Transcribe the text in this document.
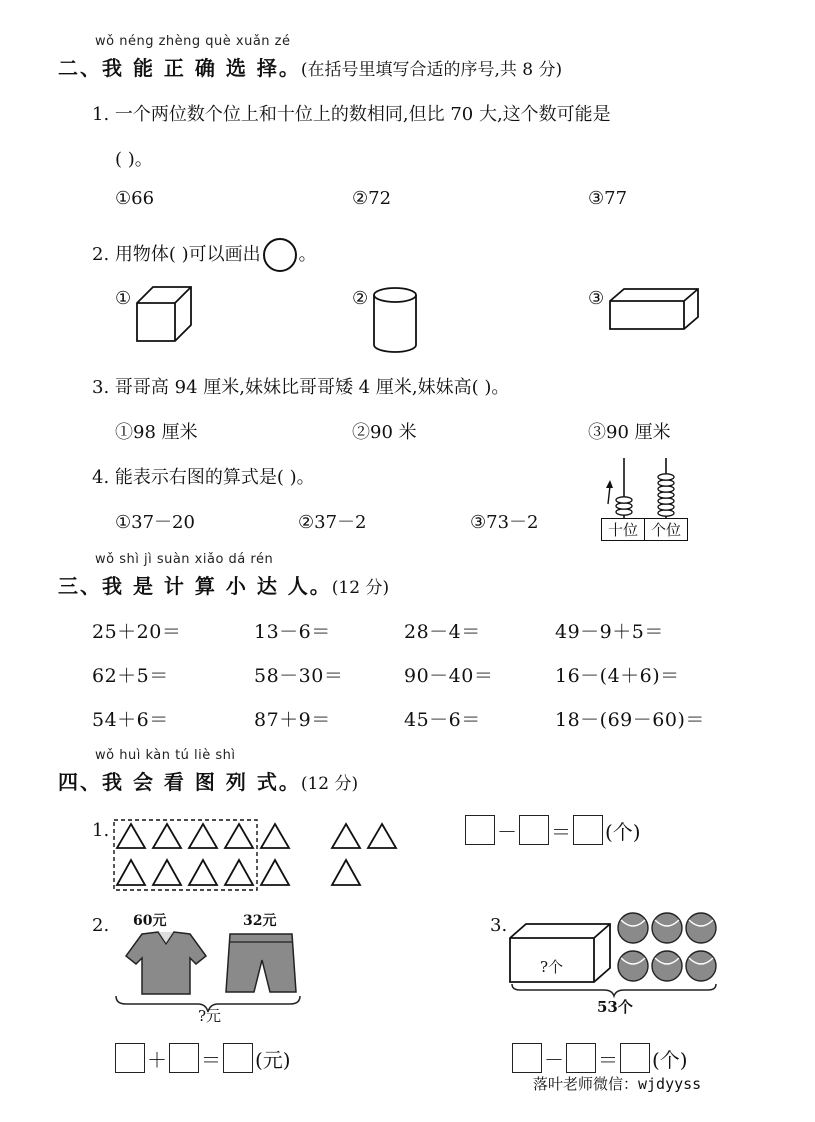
wǒ néng zhèng què xuǎn zé
二、我 能 正 确 选 择。(在括号里填写合适的序号,共 8 分)
1. 一个两位数个位上和十位上的数相同,但比 70 大,这个数可能是
( )。
①66	②72	③77
2. 用物体( )可以画出 。
①	②	③
3. 哥哥高 94 厘米,妹妹比哥哥矮 4 厘米,妹妹高( )。
①98 厘米	②90 米	③90 厘米
4. 能表示右图的算式是( )。
①37－20	②37－2	③73－2	十位 个位
wǒ shì jì suàn xiǎo dá rén
三、我 是 计 算 小 达 人。(12 分)
25＋20＝	13－6＝	28－4＝	49－9＋5＝
62＋5＝	58－30＝	90－40＝	16－(4＋6)＝
54＋6＝	87＋9＝	45－6＝	18－(69－60)＝
wǒ huì kàn tú liè shì
四、我 会 看 图 列 式。(12 分)
1.	－ ＝ (个)
2. 60元	32元
?元
＋ ＝ (元)
3.
?个
53个
－ ＝ (个)
落叶老师微信：wjdyyss
